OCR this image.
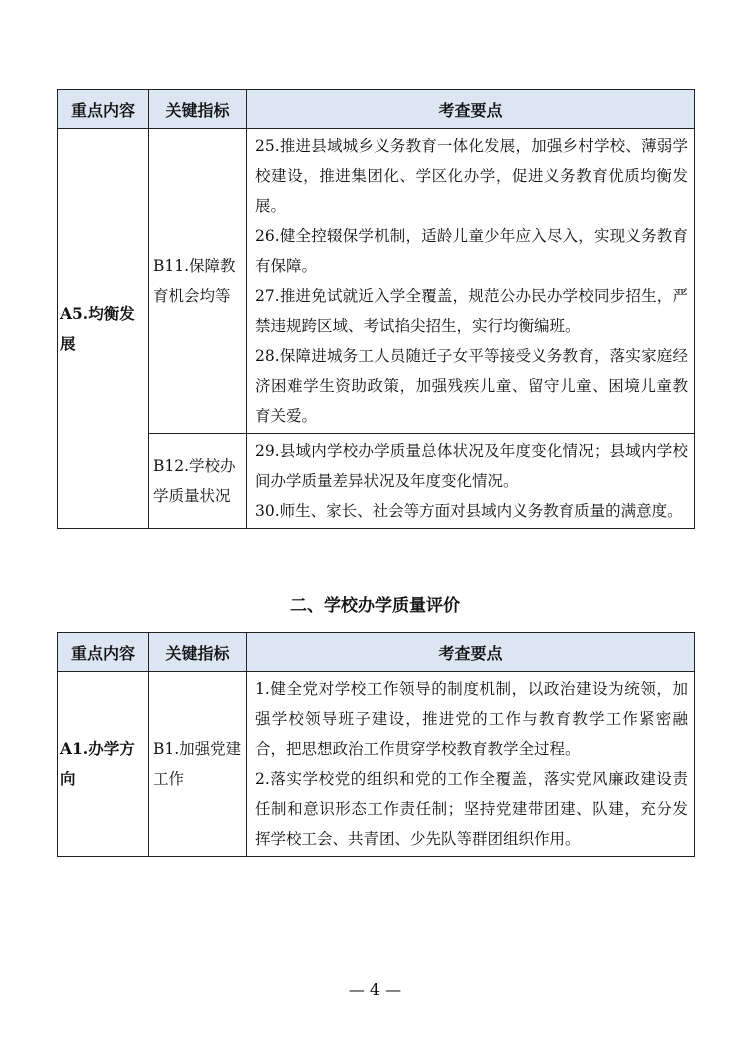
重点内容	关键指标	考查要点
A5.均衡发展	B11.保障教育机会均等	25.推进县域城乡义务教育一体化发展，加强乡村学校、薄弱学校建设，推进集团化、学区化办学，促进义务教育优质均衡发展。
26.健全控辍保学机制，适龄儿童少年应入尽入，实现义务教育有保障。
27.推进免试就近入学全覆盖，规范公办民办学校同步招生，严禁违规跨区域、考试掐尖招生，实行均衡编班。
28.保障进城务工人员随迁子女平等接受义务教育，落实家庭经济困难学生资助政策，加强残疾儿童、留守儿童、困境儿童教育关爱。

	B12.学校办学质量状况	29.县域内学校办学质量总体状况及年度变化情况；县域内学校间办学质量差异状况及年度变化情况。
30.师生、家长、社会等方面对县域内义务教育质量的满意度。
二、学校办学质量评价
重点内容	关键指标	考查要点
A1.办学方向	B1.加强党建工作	1.健全党对学校工作领导的制度机制，以政治建设为统领，加强学校领导班子建设，推进党的工作与教育教学工作紧密融合，把思想政治工作贯穿学校教育教学全过程。
2.落实学校党的组织和党的工作全覆盖，落实党风廉政建设责任制和意识形态工作责任制；坚持党建带团建、队建，充分发挥学校工会、共青团、少先队等群团组织作用。
— 4 —
